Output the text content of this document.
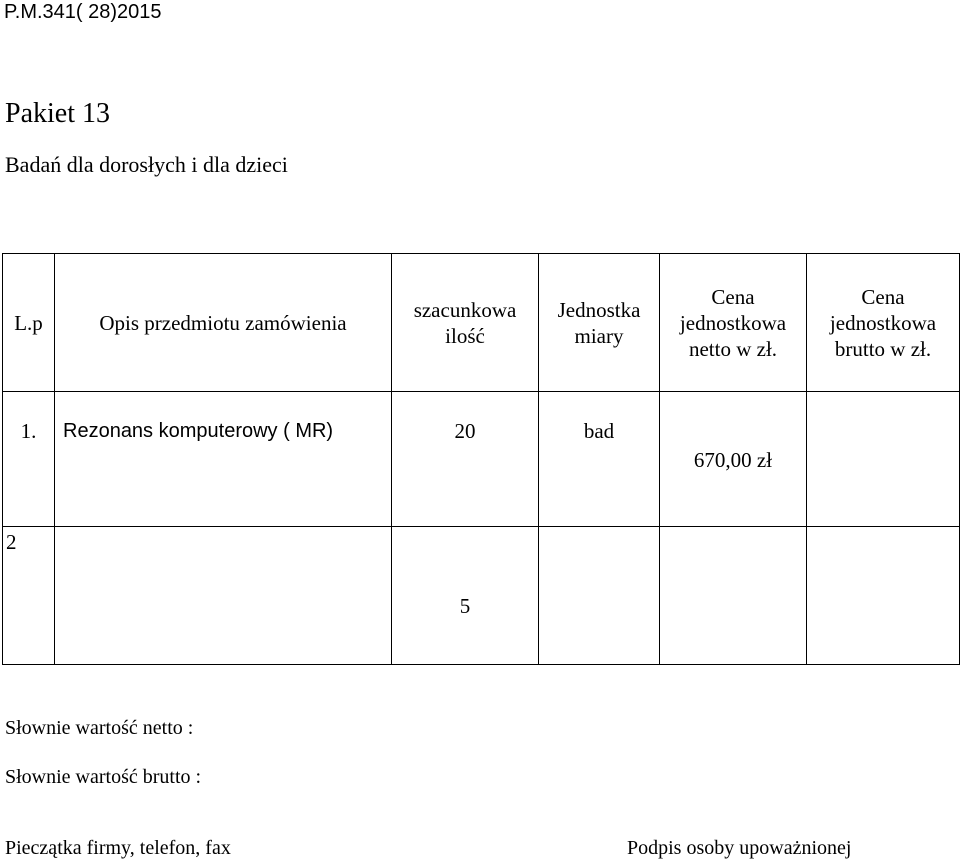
P.M.341( 28)2015
Pakiet 13
Badań dla dorosłych i dla dzieci
L.p	Opis przedmiotu zamówienia	szacunkowa ilość	Jednostka miary	Cena jednostkowa netto w zł.	Cena jednostkowa brutto w zł.
1.	Rezonans komputerowy ( MR)	20	bad	670,00 zł	
2		5			
Słownie wartość netto :
Słownie wartość brutto :
Pieczątka firmy, telefon, fax	Podpis osoby upoważnionej
